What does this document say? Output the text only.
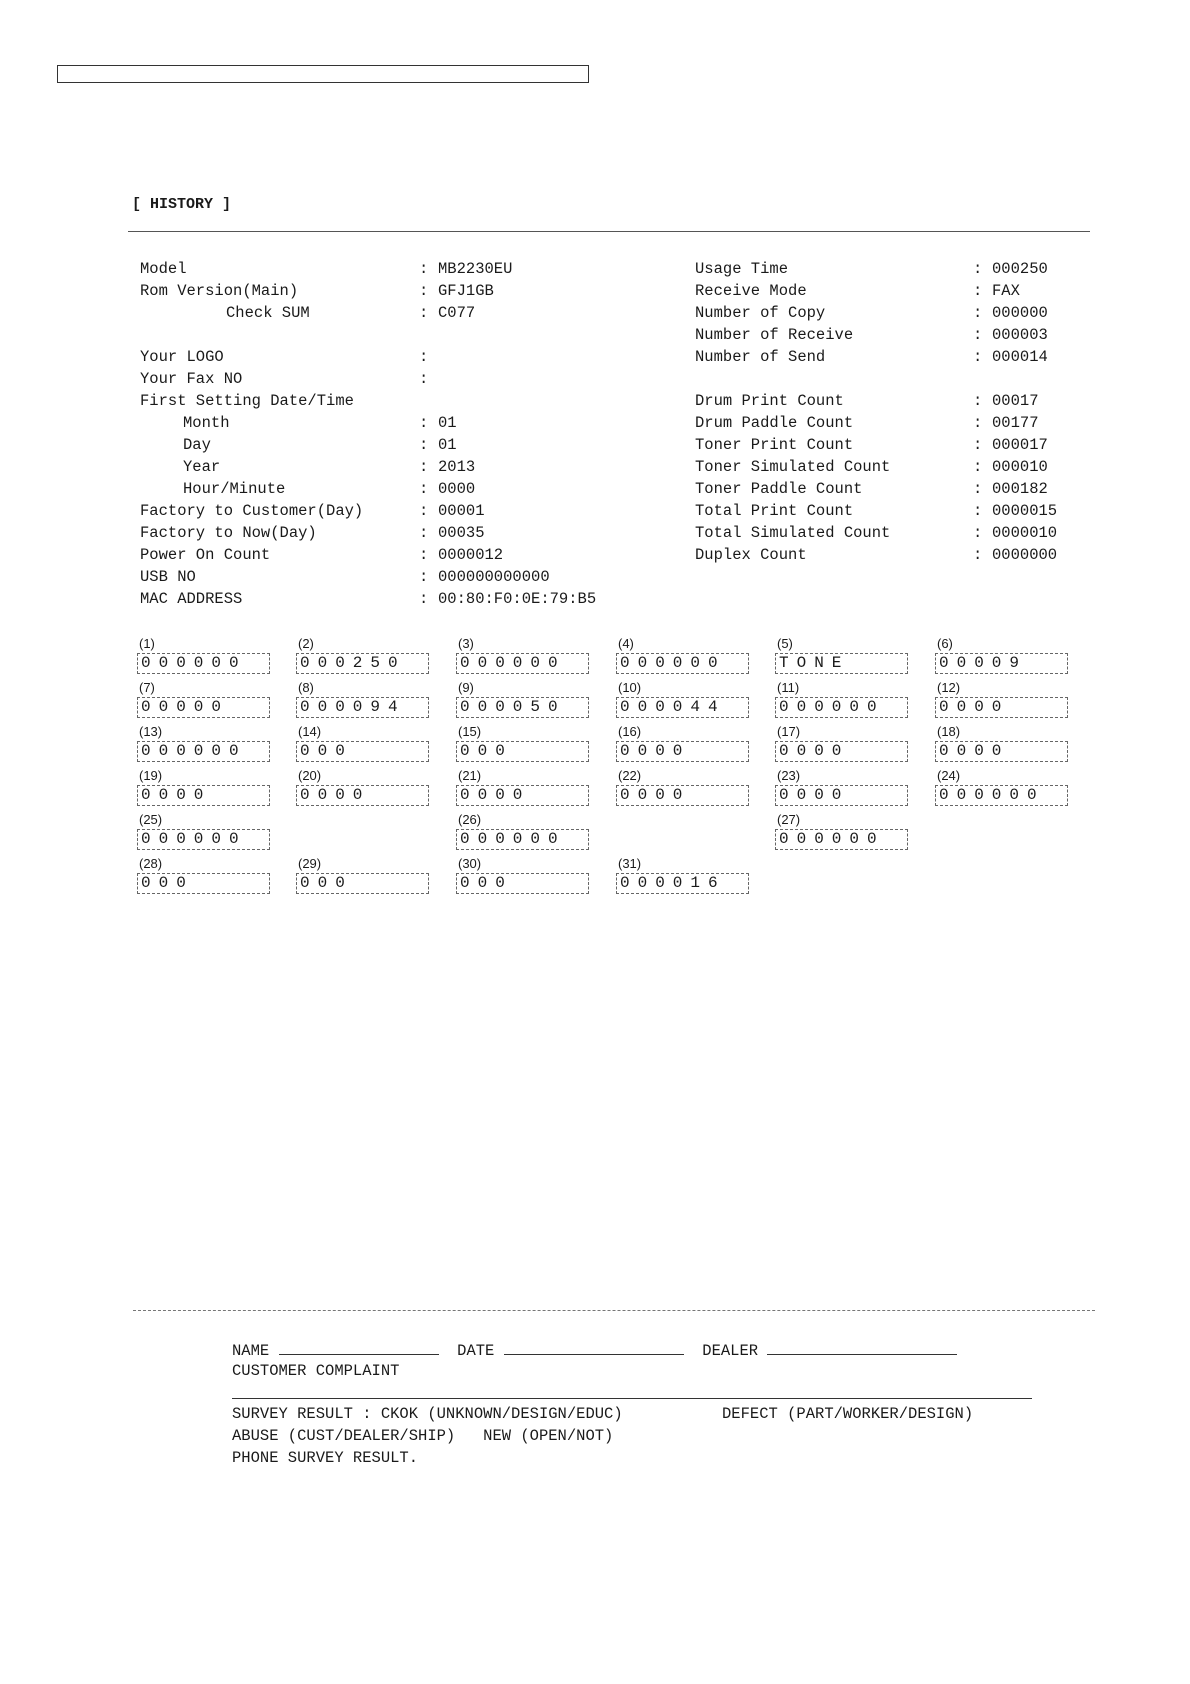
[ HISTORY ]
Model	: MB2230EU
Rom Version(Main)	: GFJ1GB
Check SUM	: C077
Your LOGO	:
Your Fax NO	:
First Setting Date/Time
Month	: 01
Day	: 01
Year	: 2013
Hour/Minute	: 0000
Factory to Customer(Day)	: 00001
Factory to Now(Day)	: 00035
Power On Count	: 0000012
USB NO	: 000000000000
MAC ADDRESS	: 00:80:F0:0E:79:B5
Usage Time	: 000250
Receive Mode	: FAX
Number of Copy	: 000000
Number of Receive	: 000003
Number of Send	: 000014
Drum Print Count	: 00017
Drum Paddle Count	: 00177
Toner Print Count	: 000017
Toner Simulated Count	: 000010
Toner Paddle Count	: 000182
Total Print Count	: 0000015
Total Simulated Count	: 0000010
Duplex Count	: 0000000
(1)
000000
(2)
000250
(3)
000000
(4)
000000
(5)
TONE
(6)
00009
(7)
00000
(8)
000094
(9)
000050
(10)
000044
(11)
000000
(12)
0000
(13)
000000
(14)
000
(15)
000
(16)
0000
(17)
0000
(18)
0000
(19)
0000
(20)
0000
(21)
0000
(22)
0000
(23)
0000
(24)
000000
(25)
000000
(26)
000000
(27)
000000
(28)
000
(29)
000
(30)
000
(31)
000016
NAME	DATE	DEALER
CUSTOMER COMPLAINT
SURVEY RESULT : CKOK (UNKNOWN/DESIGN/EDUC)	DEFECT (PART/WORKER/DESIGN)
ABUSE (CUST/DEALER/SHIP)   NEW (OPEN/NOT)
PHONE SURVEY RESULT.
